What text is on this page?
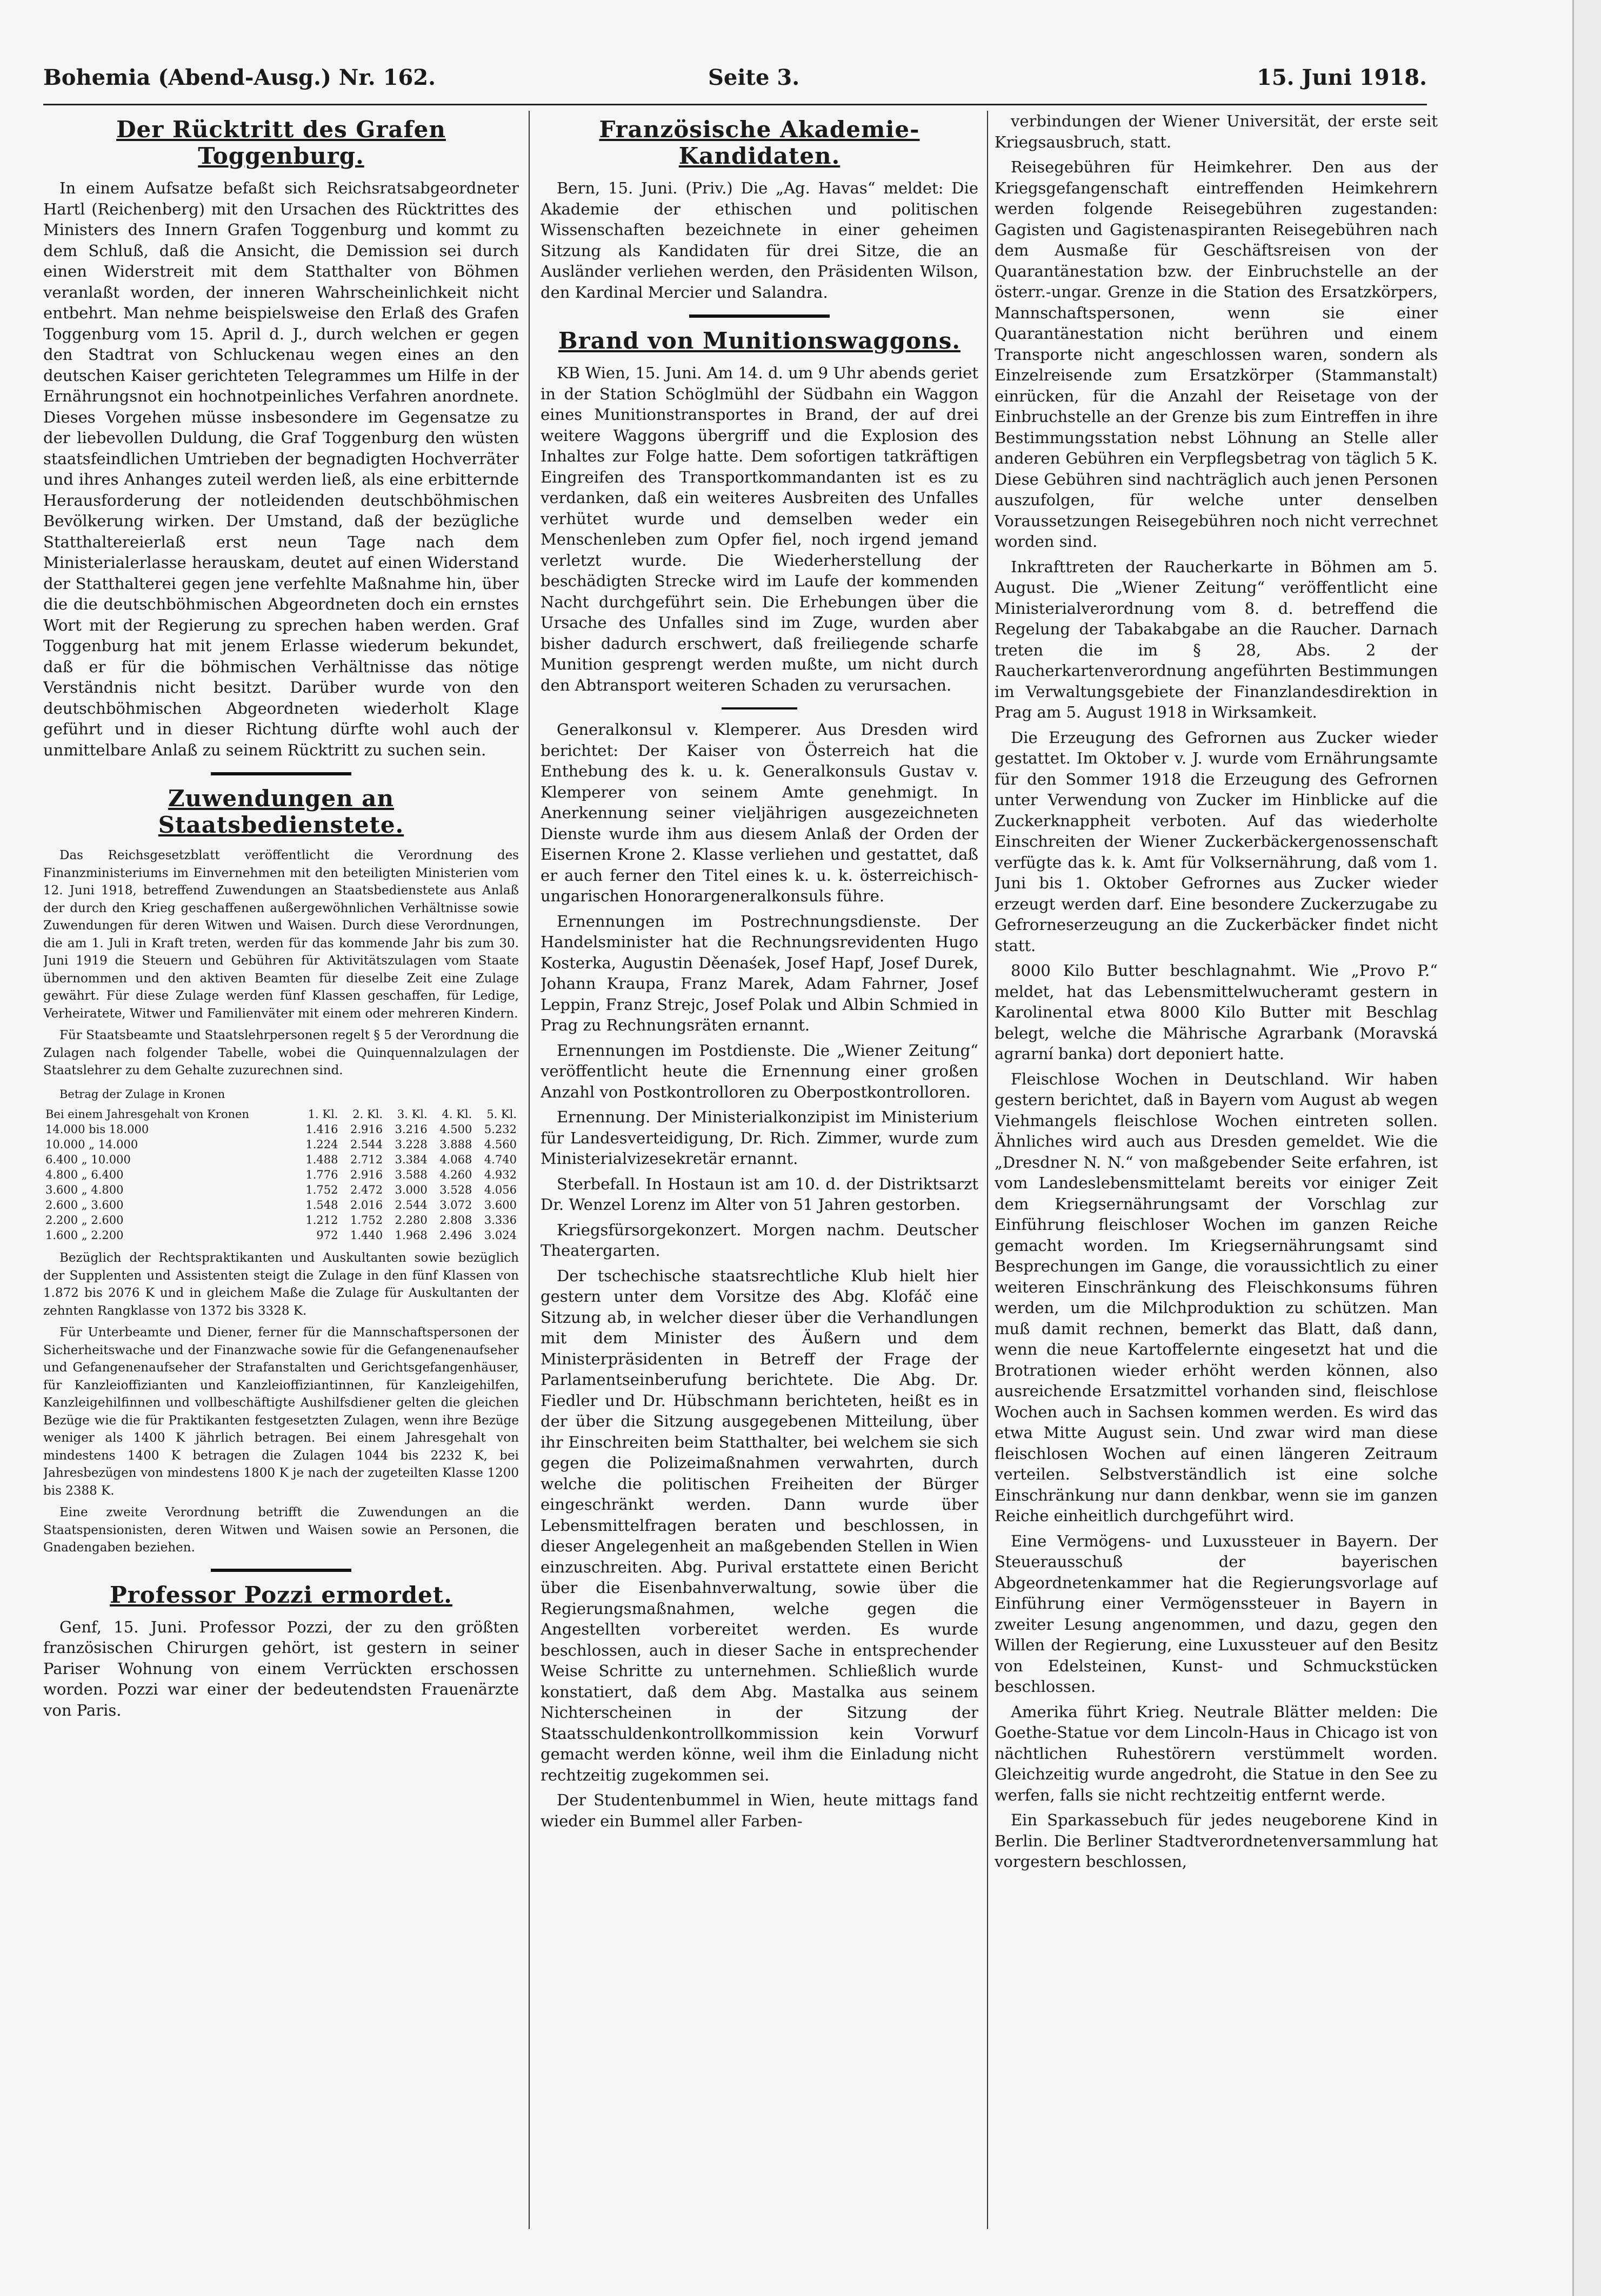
Bohemia (Abend-Ausg.) Nr. 162.	Seite 3.	15. Juni 1918.
Der Rücktritt des Grafen Toggenburg.

In einem Aufsatze befaßt sich Reichsratsabgeordneter Hartl (Reichenberg) mit den Ursachen des Rücktrittes des Ministers des Innern Grafen Toggenburg und kommt zu dem Schluß, daß die Ansicht, die Demission sei durch einen Widerstreit mit dem Statthalter von Böhmen veranlaßt worden, der inneren Wahrscheinlichkeit nicht entbehrt. Man nehme beispielsweise den Erlaß des Grafen Toggenburg vom 15. April d. J., durch welchen er gegen den Stadtrat von Schluckenau wegen eines an den deutschen Kaiser gerichteten Telegrammes um Hilfe in der Ernährungsnot ein hochnotpeinliches Verfahren anordnete. Dieses Vorgehen müsse insbesondere im Gegensatze zu der liebevollen Duldung, die Graf Toggenburg den wüsten staatsfeindlichen Umtrieben der begnadigten Hochverräter und ihres Anhanges zuteil werden ließ, als eine erbitternde Herausforderung der notleidenden deutschböhmischen Bevölkerung wirken. Der Umstand, daß der bezügliche Statthaltereierlaß erst neun Tage nach dem Ministerialerlasse herauskam, deutet auf einen Widerstand der Statthalterei gegen jene verfehlte Maßnahme hin, über die die deutschböhmischen Abgeordneten doch ein ernstes Wort mit der Regierung zu sprechen haben werden. Graf Toggenburg hat mit jenem Erlasse wiederum bekundet, daß er für die böhmischen Verhältnisse das nötige Verständnis nicht besitzt. Darüber wurde von den deutschböhmischen Abgeordneten wiederholt Klage geführt und in dieser Richtung dürfte wohl auch der unmittelbare Anlaß zu seinem Rücktritt zu suchen sein.

Zuwendungen an Staatsbedienstete.

Das Reichsgesetzblatt veröffentlicht die Verordnung des Finanzministeriums im Einvernehmen mit den beteiligten Ministerien vom 12. Juni 1918, betreffend Zuwendungen an Staatsbedienstete aus Anlaß der durch den Krieg geschaffenen außergewöhnlichen Verhältnisse sowie Zuwendungen für deren Witwen und Waisen. Durch diese Verordnungen, die am 1. Juli in Kraft treten, werden für das kommende Jahr bis zum 30. Juni 1919 die Steuern und Gebühren für Aktivitätszulagen vom Staate übernommen und den aktiven Beamten für dieselbe Zeit eine Zulage gewährt. Für diese Zulage werden fünf Klassen geschaffen, für Ledige, Verheiratete, Witwer und Familienväter mit einem oder mehreren Kindern.

Für Staatsbeamte und Staatslehrpersonen regelt § 5 der Verordnung die Zulagen nach folgender Tabelle, wobei die Quinquennalzulagen der Staatslehrer zu dem Gehalte zuzurechnen sind.

Betrag der Zulage in Kronen

Bei einem Jahresgehalt von Kronen	1. Kl.	2. Kl.	3. Kl.	4. Kl.	5. Kl.
14.000 bis 18.000	1.416	2.916	3.216	4.500	5.232
10.000 „ 14.000	1.224	2.544	3.228	3.888	4.560
6.400 „ 10.000	1.488	2.712	3.384	4.068	4.740
4.800 „ 6.400	1.776	2.916	3.588	4.260	4.932
3.600 „ 4.800	1.752	2.472	3.000	3.528	4.056
2.600 „ 3.600	1.548	2.016	2.544	3.072	3.600
2.200 „ 2.600	1.212	1.752	2.280	2.808	3.336
1.600 „ 2.200	972	1.440	1.968	2.496	3.024

Bezüglich der Rechtspraktikanten und Auskultanten sowie bezüglich der Supplenten und Assistenten steigt die Zulage in den fünf Klassen von 1.872 bis 2076 K und in gleichem Maße die Zulage für Auskultanten der zehnten Rangklasse von 1372 bis 3328 K.

Für Unterbeamte und Diener, ferner für die Mannschaftspersonen der Sicherheitswache und der Finanzwache sowie für die Gefangenenaufseher und Gefangenenaufseher der Strafanstalten und Gerichtsgefangenhäuser, für Kanzleioffizianten und Kanzleioffiziantinnen, für Kanzleigehilfen, Kanzleigehilfinnen und vollbeschäftigte Aushilfsdiener gelten die gleichen Bezüge wie die für Praktikanten festgesetzten Zulagen, wenn ihre Bezüge weniger als 1400 K jährlich betragen. Bei einem Jahresgehalt von mindestens 1400 K betragen die Zulagen 1044 bis 2232 K, bei Jahresbezügen von mindestens 1800 K je nach der zugeteilten Klasse 1200 bis 2388 K.

Eine zweite Verordnung betrifft die Zuwendungen an die Staatspensionisten, deren Witwen und Waisen sowie an Personen, die Gnadengaben beziehen.

Professor Pozzi ermordet.

Genf, 15. Juni. Professor Pozzi, der zu den größten französischen Chirurgen gehört, ist gestern in seiner Pariser Wohnung von einem Verrückten erschossen worden. Pozzi war einer der bedeutendsten Frauenärzte von Paris.

Französische Akademie-Kandidaten.

Bern, 15. Juni. (Priv.) Die „Ag. Havas“ meldet: Die Akademie der ethischen und politischen Wissenschaften bezeichnete in einer geheimen Sitzung als Kandidaten für drei Sitze, die an Ausländer verliehen werden, den Präsidenten Wilson, den Kardinal Mercier und Salandra.

Brand von Munitionswaggons.

KB Wien, 15. Juni. Am 14. d. um 9 Uhr abends geriet in der Station Schöglmühl der Südbahn ein Waggon eines Munitionstransportes in Brand, der auf drei weitere Waggons übergriff und die Explosion des Inhaltes zur Folge hatte. Dem sofortigen tatkräftigen Eingreifen des Transportkommandanten ist es zu verdanken, daß ein weiteres Ausbreiten des Unfalles verhütet wurde und demselben weder ein Menschenleben zum Opfer fiel, noch irgend jemand verletzt wurde. Die Wiederherstellung der beschädigten Strecke wird im Laufe der kommenden Nacht durchgeführt sein. Die Erhebungen über die Ursache des Unfalles sind im Zuge, wurden aber bisher dadurch erschwert, daß freiliegende scharfe Munition gesprengt werden mußte, um nicht durch den Abtransport weiteren Schaden zu verursachen.

Generalkonsul v. Klemperer. Aus Dresden wird berichtet: Der Kaiser von Österreich hat die Enthebung des k. u. k. Generalkonsuls Gustav v. Klemperer von seinem Amte genehmigt. In Anerkennung seiner vieljährigen ausgezeichneten Dienste wurde ihm aus diesem Anlaß der Orden der Eisernen Krone 2. Klasse verliehen und gestattet, daß er auch ferner den Titel eines k. u. k. österreichisch-ungarischen Honorargeneralkonsuls führe.

Ernennungen im Postrechnungsdienste. Der Handelsminister hat die Rechnungsrevidenten Hugo Kosterka, Augustin Děenaśek, Josef Hapf, Josef Durek, Johann Kraupa, Franz Marek, Adam Fahrner, Josef Leppin, Franz Strejc, Josef Polak und Albin Schmied in Prag zu Rechnungsräten ernannt.

Ernennungen im Postdienste. Die „Wiener Zeitung“ veröffentlicht heute die Ernennung einer großen Anzahl von Postkontrolloren zu Oberpostkontrolloren.

Ernennung. Der Ministerialkonzipist im Ministerium für Landesverteidigung, Dr. Rich. Zimmer, wurde zum Ministerialvizesekretär ernannt.

Sterbefall. In Hostaun ist am 10. d. der Distriktsarzt Dr. Wenzel Lorenz im Alter von 51 Jahren gestorben.

Kriegsfürsorgekonzert. Morgen nachm. Deutscher Theatergarten.

Der tschechische staatsrechtliche Klub hielt hier gestern unter dem Vorsitze des Abg. Klofáč eine Sitzung ab, in welcher dieser über die Verhandlungen mit dem Minister des Äußern und dem Ministerpräsidenten in Betreff der Frage der Parlamentseinberufung berichtete. Die Abg. Dr. Fiedler und Dr. Hübschmann berichteten, heißt es in der über die Sitzung ausgegebenen Mitteilung, über ihr Einschreiten beim Statthalter, bei welchem sie sich gegen die Polizeimaßnahmen verwahrten, durch welche die politischen Freiheiten der Bürger eingeschränkt werden. Dann wurde über Lebensmittelfragen beraten und beschlossen, in dieser Angelegenheit an maßgebenden Stellen in Wien einzuschreiten. Abg. Purival erstattete einen Bericht über die Eisenbahnverwaltung, sowie über die Regierungsmaßnahmen, welche gegen die Angestellten vorbereitet werden. Es wurde beschlossen, auch in dieser Sache in entsprechender Weise Schritte zu unternehmen. Schließlich wurde konstatiert, daß dem Abg. Mastalka aus seinem Nichterscheinen in der Sitzung der Staatsschuldenkontrollkommission kein Vorwurf gemacht werden könne, weil ihm die Einladung nicht rechtzeitig zugekommen sei.

Der Studentenbummel in Wien, heute mittags fand wieder ein Bummel aller Farben-

verbindungen der Wiener Universität, der erste seit Kriegsausbruch, statt.

Reisegebühren für Heimkehrer. Den aus der Kriegsgefangenschaft eintreffenden Heimkehrern werden folgende Reisegebühren zugestanden: Gagisten und Gagistenaspiranten Reisegebühren nach dem Ausmaße für Geschäftsreisen von der Quarantänestation bzw. der Einbruchstelle an der österr.-ungar. Grenze in die Station des Ersatzkörpers, Mannschaftspersonen, wenn sie einer Quarantänestation nicht berühren und einem Transporte nicht angeschlossen waren, sondern als Einzelreisende zum Ersatzkörper (Stammanstalt) einrücken, für die Anzahl der Reisetage von der Einbruchstelle an der Grenze bis zum Eintreffen in ihre Bestimmungsstation nebst Löhnung an Stelle aller anderen Gebühren ein Verpflegsbetrag von täglich 5 K. Diese Gebühren sind nachträglich auch jenen Personen auszufolgen, für welche unter denselben Voraussetzungen Reisegebühren noch nicht verrechnet worden sind.

Inkrafttreten der Raucherkarte in Böhmen am 5. August. Die „Wiener Zeitung“ veröffentlicht eine Ministerialverordnung vom 8. d. betreffend die Regelung der Tabakabgabe an die Raucher. Darnach treten die im § 28, Abs. 2 der Raucherkartenverordnung angeführten Bestimmungen im Verwaltungsgebiete der Finanzlandesdirektion in Prag am 5. August 1918 in Wirksamkeit.

Die Erzeugung des Gefrornen aus Zucker wieder gestattet. Im Oktober v. J. wurde vom Ernährungsamte für den Sommer 1918 die Erzeugung des Gefrornen unter Verwendung von Zucker im Hinblicke auf die Zuckerknappheit verboten. Auf das wiederholte Einschreiten der Wiener Zuckerbäckergenossenschaft verfügte das k. k. Amt für Volksernährung, daß vom 1. Juni bis 1. Oktober Gefrornes aus Zucker wieder erzeugt werden darf. Eine besondere Zuckerzugabe zu Gefrorneserzeugung an die Zuckerbäcker findet nicht statt.

8000 Kilo Butter beschlagnahmt. Wie „Provo P.“ meldet, hat das Lebensmittelwucheramt gestern in Karolinental etwa 8000 Kilo Butter mit Beschlag belegt, welche die Mährische Agrarbank (Moravská agrarní banka) dort deponiert hatte.

Fleischlose Wochen in Deutschland. Wir haben gestern berichtet, daß in Bayern vom August ab wegen Viehmangels fleischlose Wochen eintreten sollen. Ähnliches wird auch aus Dresden gemeldet. Wie die „Dresdner N. N.“ von maßgebender Seite erfahren, ist vom Landeslebensmittelamt bereits vor einiger Zeit dem Kriegsernährungsamt der Vorschlag zur Einführung fleischloser Wochen im ganzen Reiche gemacht worden. Im Kriegsernährungsamt sind Besprechungen im Gange, die voraussichtlich zu einer weiteren Einschränkung des Fleischkonsums führen werden, um die Milchproduktion zu schützen. Man muß damit rechnen, bemerkt das Blatt, daß dann, wenn die neue Kartoffelernte eingesetzt hat und die Brotrationen wieder erhöht werden können, also ausreichende Ersatzmittel vorhanden sind, fleischlose Wochen auch in Sachsen kommen werden. Es wird das etwa Mitte August sein. Und zwar wird man diese fleischlosen Wochen auf einen längeren Zeitraum verteilen. Selbstverständlich ist eine solche Einschränkung nur dann denkbar, wenn sie im ganzen Reiche einheitlich durchgeführt wird.

Eine Vermögens- und Luxussteuer in Bayern. Der Steuerausschuß der bayerischen Abgeordnetenkammer hat die Regierungsvorlage auf Einführung einer Vermögenssteuer in Bayern in zweiter Lesung angenommen, und dazu, gegen den Willen der Regierung, eine Luxussteuer auf den Besitz von Edelsteinen, Kunst- und Schmuckstücken beschlossen.

Amerika führt Krieg. Neutrale Blätter melden: Die Goethe-Statue vor dem Lincoln-Haus in Chicago ist von nächtlichen Ruhestörern verstümmelt worden. Gleichzeitig wurde angedroht, die Statue in den See zu werfen, falls sie nicht rechtzeitig entfernt werde.

Ein Sparkassebuch für jedes neugeborene Kind in Berlin. Die Berliner Stadtverordnetenversammlung hat vorgestern beschlossen,
